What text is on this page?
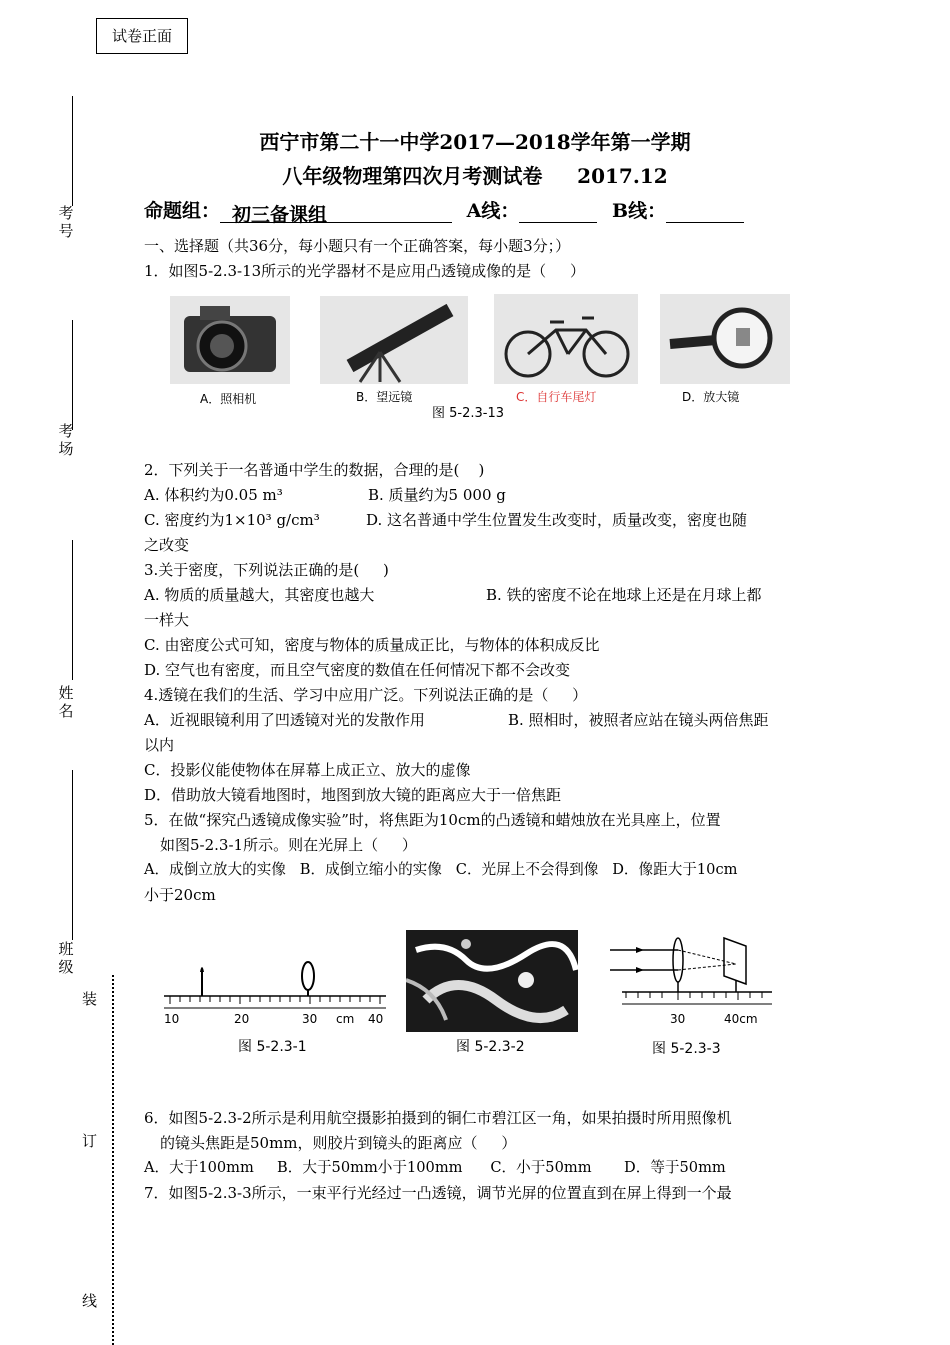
试卷正面
考号
考场
姓名
班级
装
订
线
西宁市第二十一中学2017—2018学年第一学期
八年级物理第四次月考测试卷     2017.12
命题组： 初三备课组	A线：	B线：
一、选择题（共36分，每小题只有一个正确答案，每小题3分；）
1．如图5-2.3-13所示的光学器材不是应用凸透镜成像的是（     ）
A．照相机	B．望远镜	C．自行车尾灯	D．放大镜
图 5-2.3-13
2．下列关于一名普通中学生的数据，合理的是(    )
A. 体积约为0.05 m³	B. 质量约为5 000 g
C. 密度约为1×10³ g/cm³	D. 这名普通中学生位置发生改变时，质量改变，密度也随
之改变
3.关于密度，下列说法正确的是(     )
A. 物质的质量越大，其密度也越大	B. 铁的密度不论在地球上还是在月球上都
一样大
C. 由密度公式可知，密度与物体的质量成正比，与物体的体积成反比
D. 空气也有密度，而且空气密度的数值在任何情况下都不会改变
4.透镜在我们的生活、学习中应用广泛。下列说法正确的是（     ）
A．近视眼镜利用了凹透镜对光的发散作用	B. 照相时，被照者应站在镜头两倍焦距
以内
C．投影仪能使物体在屏幕上成正立、放大的虚像
D．借助放大镜看地图时，地图到放大镜的距离应大于一倍焦距
5．在做“探究凸透镜成像实验”时，将焦距为10cm的凸透镜和蜡烛放在光具座上，位置
如图5-2.3-1所示。则在光屏上（     ）
A．成倒立放大的实像   B．成倒立缩小的实像   C．光屏上不会得到像   D．像距大于10cm
小于20cm
10	20	30 cm 40
图 5-2.3-1	图 5-2.3-2
30	40cm
图 5-2.3-3
6．如图5-2.3-2所示是利用航空摄影拍摄到的铜仁市碧江区一角，如果拍摄时所用照像机
的镜头焦距是50mm，则胶片到镜头的距离应（     ）
A．大于100mm     B．大于50mm小于100mm      C．小于50mm       D．等于50mm
7．如图5-2.3-3所示，一束平行光经过一凸透镜，调节光屏的位置直到在屏上得到一个最
